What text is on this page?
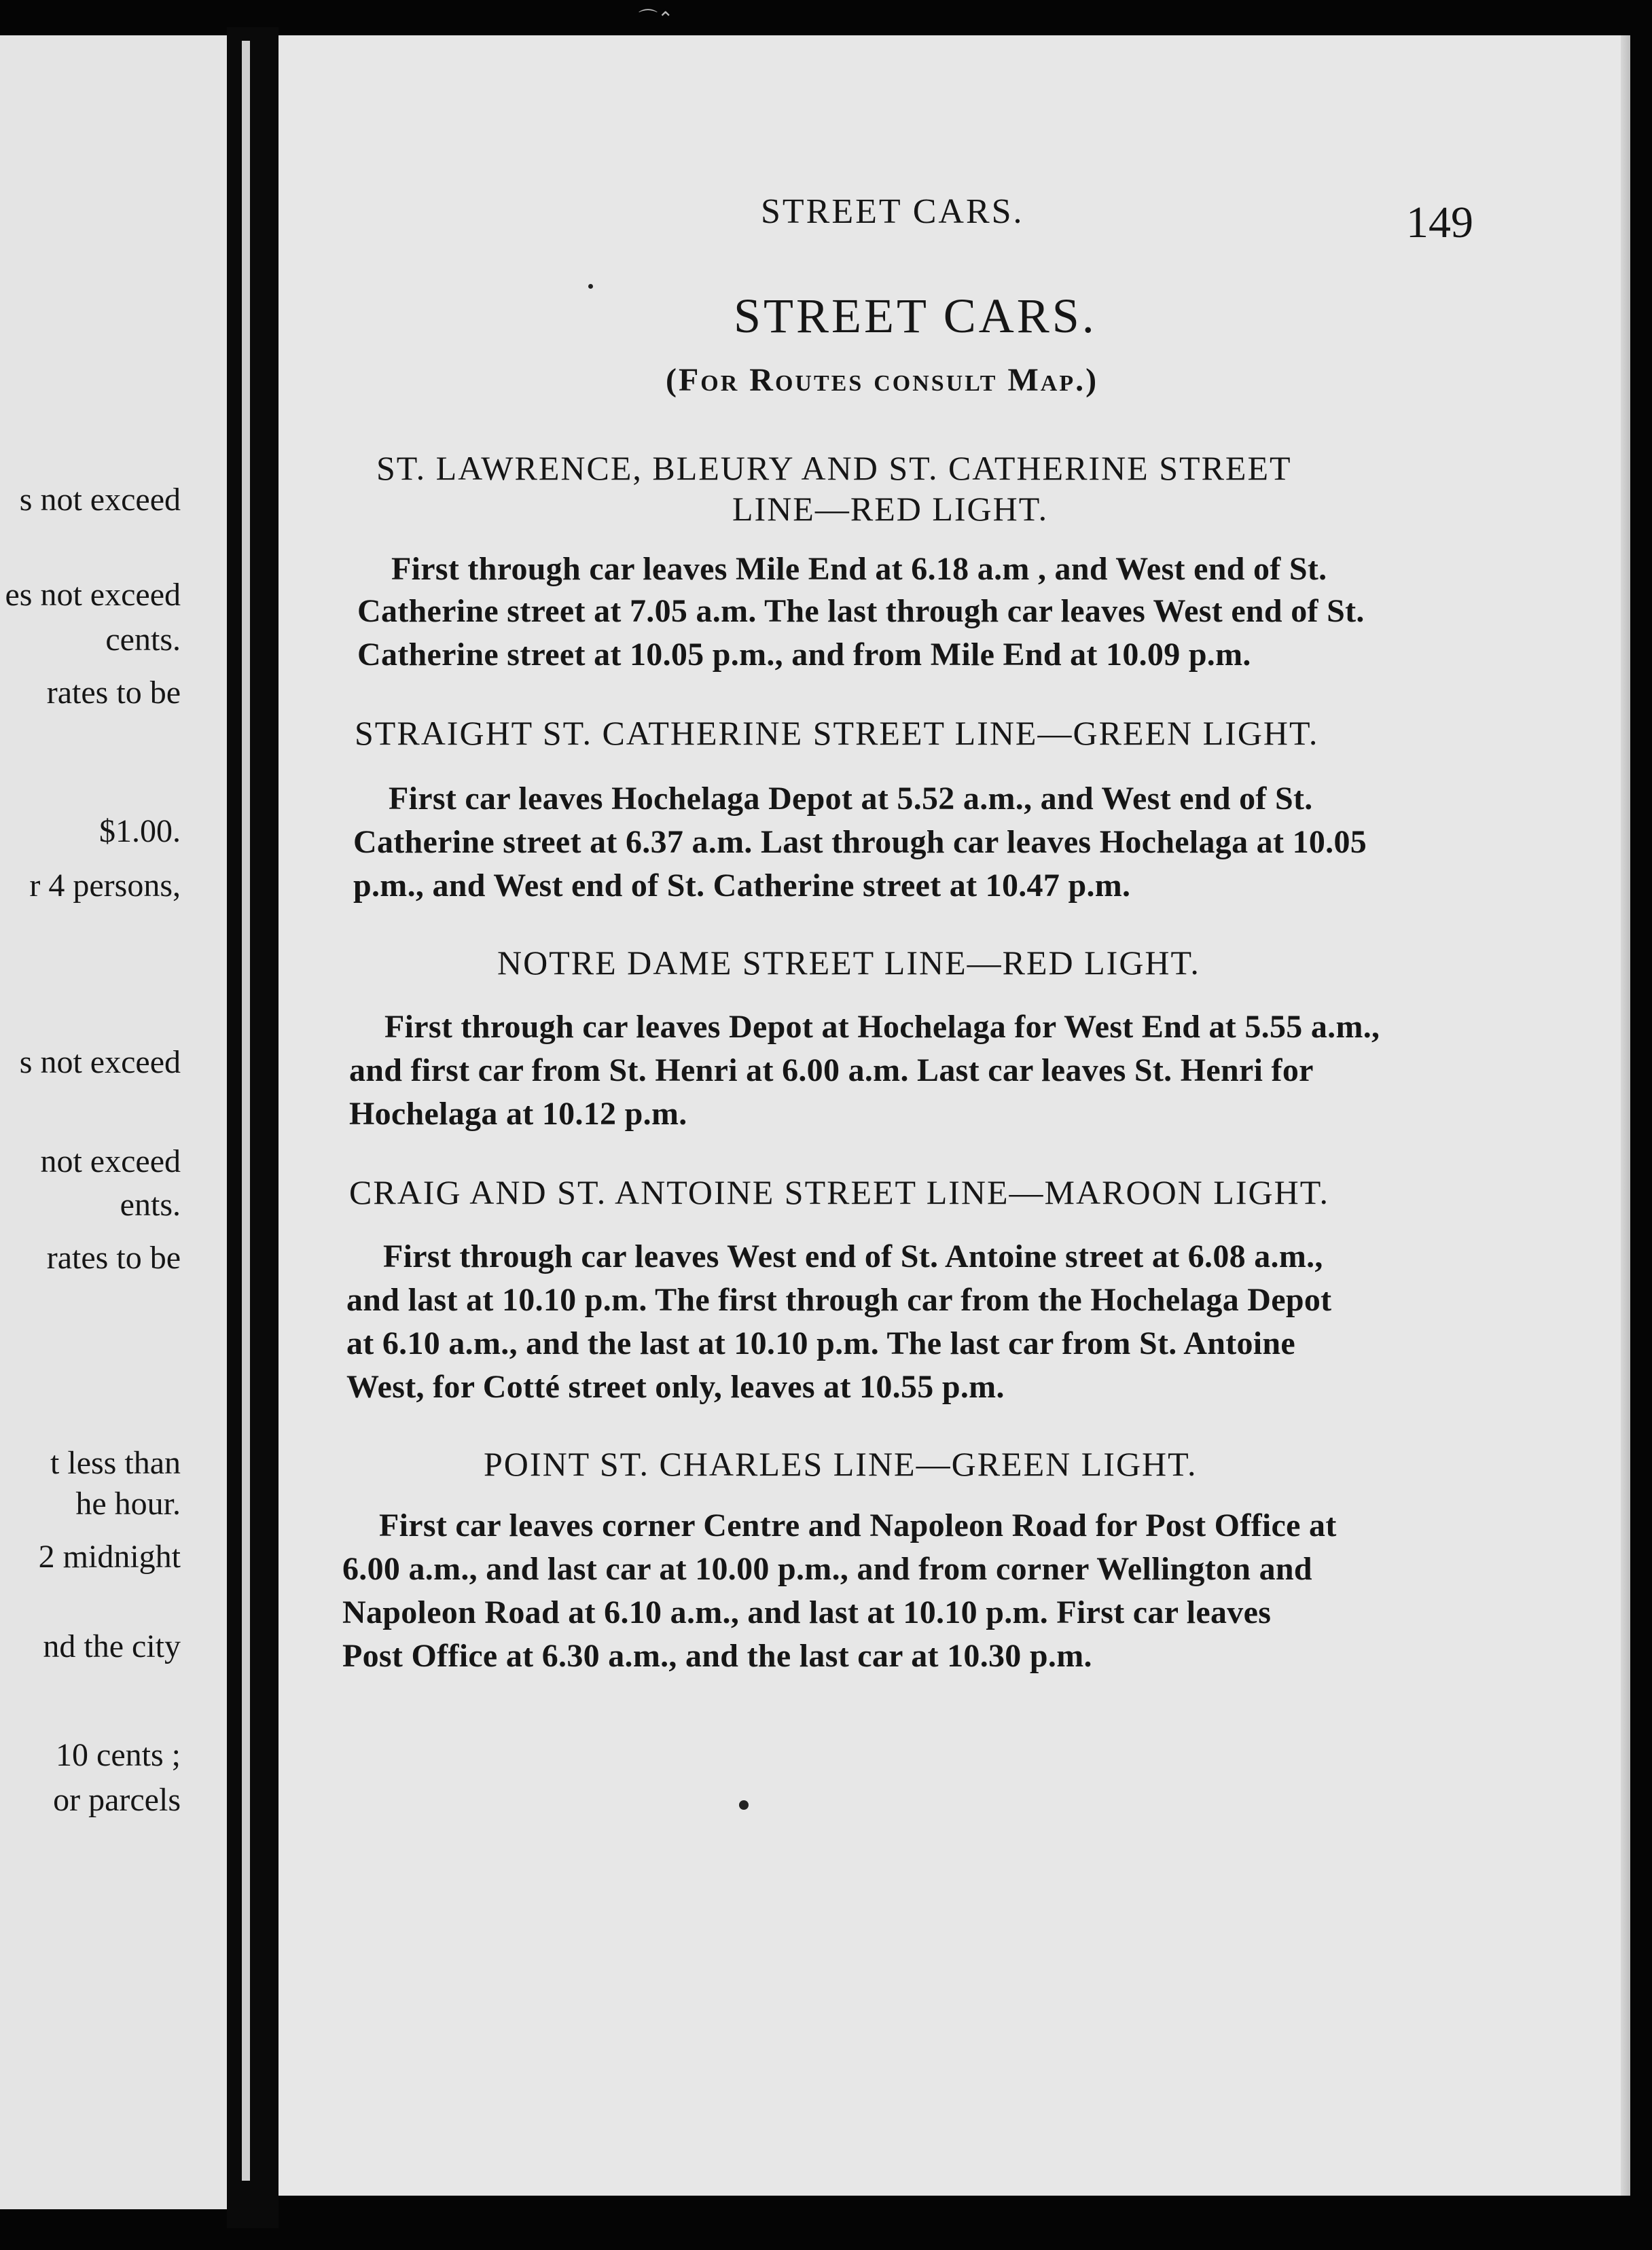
⌒⌃
s not exceed
es not exceed
cents.
rates to be
$1.00.
r 4 persons,
s not exceed
not exceed
ents.
rates to be
t less than
he hour.
2 midnight
nd the city
10 cents ;
or parcels
STREET CARS.	149
STREET CARS.
(For Routes consult Map.)
ST. LAWRENCE, BLEURY AND ST. CATHERINE STREET
LINE—RED LIGHT.
First through car leaves Mile End at 6.18 a.m , and West end of St.
Catherine street at 7.05 a.m. The last through car leaves West end of St.
Catherine street at 10.05 p.m., and from Mile End at 10.09 p.m.
STRAIGHT ST. CATHERINE STREET LINE—GREEN LIGHT.
First car leaves Hochelaga Depot at 5.52 a.m., and West end of St.
Catherine street at 6.37 a.m. Last through car leaves Hochelaga at 10.05
p.m., and West end of St. Catherine street at 10.47 p.m.
NOTRE DAME STREET LINE—RED LIGHT.
First through car leaves Depot at Hochelaga for West End at 5.55 a.m.,
and first car from St. Henri at 6.00 a.m. Last car leaves St. Henri for
Hochelaga at 10.12 p.m.
CRAIG AND ST. ANTOINE STREET LINE—MAROON LIGHT.
First through car leaves West end of St. Antoine street at 6.08 a.m.,
and last at 10.10 p.m. The first through car from the Hochelaga Depot
at 6.10 a.m., and the last at 10.10 p.m. The last car from St. Antoine
West, for Cotté street only, leaves at 10.55 p.m.
POINT ST. CHARLES LINE—GREEN LIGHT.
First car leaves corner Centre and Napoleon Road for Post Office at
6.00 a.m., and last car at 10.00 p.m., and from corner Wellington and
Napoleon Road at 6.10 a.m., and last at 10.10 p.m. First car leaves
Post Office at 6.30 a.m., and the last car at 10.30 p.m.
